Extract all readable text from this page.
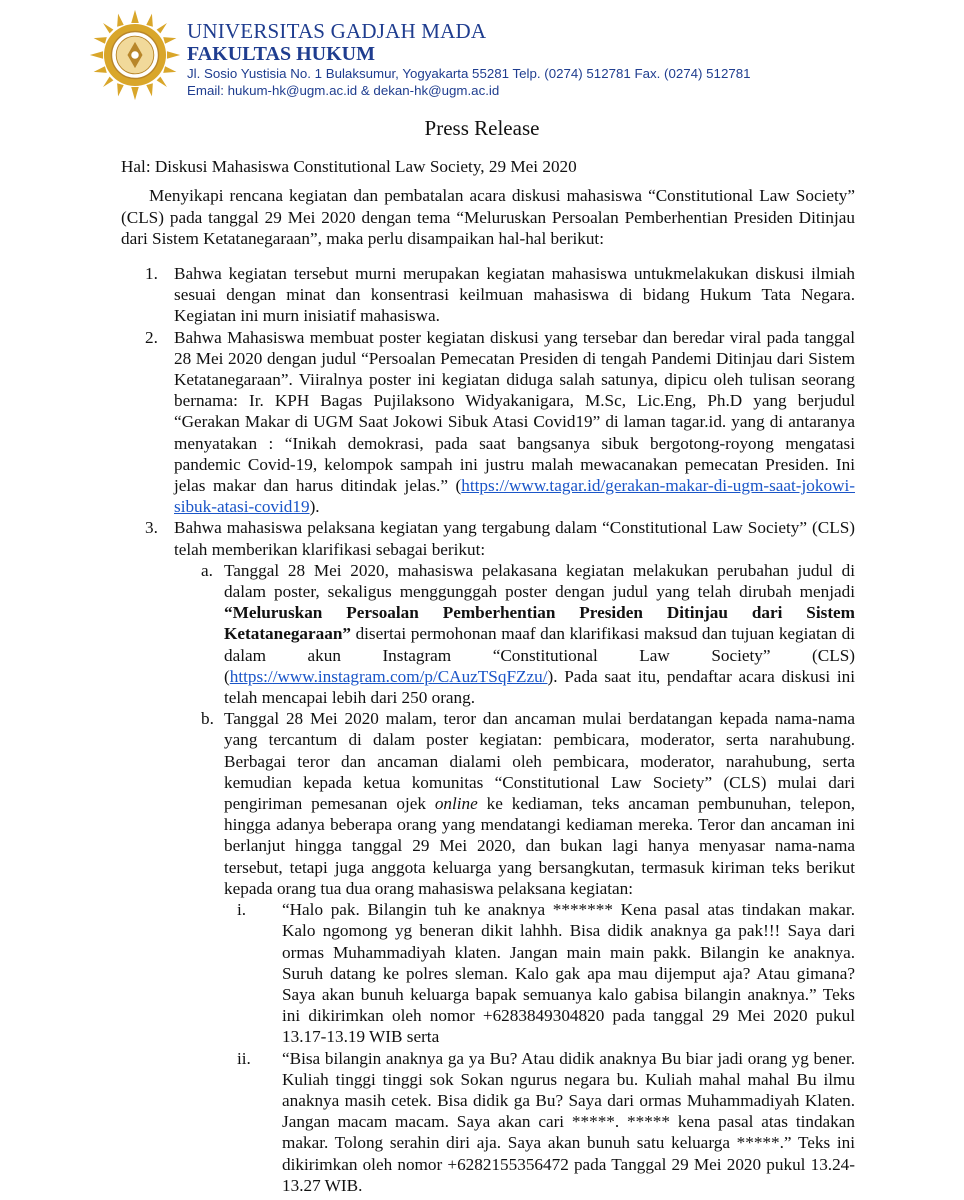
UNIVERSITAS GADJAH MADA
FAKULTAS HUKUM
Jl. Sosio Yustisia No. 1 Bulaksumur, Yogyakarta 55281 Telp. (0274) 512781 Fax. (0274) 512781
Email: hukum-hk@ugm.ac.id & dekan-hk@ugm.ac.id
Press Release
Hal: Diskusi Mahasiswa Constitutional Law Society, 29 Mei 2020
Menyikapi rencana kegiatan dan pembatalan acara diskusi mahasiswa “Constitutional Law Society” (CLS) pada tanggal 29 Mei 2020 dengan tema “Meluruskan Persoalan Pemberhentian Presiden Ditinjau dari Sistem Ketatanegaraan”, maka perlu disampaikan hal-hal berikut:
1. Bahwa kegiatan tersebut murni merupakan kegiatan mahasiswa untukmelakukan diskusi ilmiah sesuai dengan minat dan konsentrasi keilmuan mahasiswa di bidang Hukum Tata Negara. Kegiatan ini murn inisiatif mahasiswa.
2. Bahwa Mahasiswa membuat poster kegiatan diskusi yang tersebar dan beredar viral pada tanggal 28 Mei 2020 dengan judul “Persoalan Pemecatan Presiden di tengah Pandemi Ditinjau dari Sistem Ketatanegaraan”. Viiralnya poster ini kegiatan diduga salah satunya, dipicu oleh tulisan seorang bernama: Ir. KPH Bagas Pujilaksono Widyakanigara, M.Sc, Lic.Eng, Ph.D yang berjudul “Gerakan Makar di UGM Saat Jokowi Sibuk Atasi Covid19” di laman tagar.id. yang di antaranya menyatakan : “Inikah demokrasi, pada saat bangsanya sibuk bergotong-royong mengatasi pandemic Covid-19, kelompok sampah ini justru malah mewacanakan pemecatan Presiden. Ini jelas makar dan harus ditindak jelas.” (https://www.tagar.id/gerakan-makar-di-ugm-saat-jokowi-sibuk-atasi-covid19).
3. Bahwa mahasiswa pelaksana kegiatan yang tergabung dalam “Constitutional Law Society” (CLS) telah memberikan klarifikasi sebagai berikut:
a. Tanggal 28 Mei 2020, mahasiswa pelakasana kegiatan melakukan perubahan judul di dalam poster, sekaligus menggunggah poster dengan judul yang telah dirubah menjadi “Meluruskan Persoalan Pemberhentian Presiden Ditinjau dari Sistem Ketatanegaraan” disertai permohonan maaf dan klarifikasi maksud dan tujuan kegiatan di dalam akun Instagram “Constitutional Law Society” (CLS) (https://www.instagram.com/p/CAuzTSqFZzu/). Pada saat itu, pendaftar acara diskusi ini telah mencapai lebih dari 250 orang.
b. Tanggal 28 Mei 2020 malam, teror dan ancaman mulai berdatangan kepada nama-nama yang tercantum di dalam poster kegiatan: pembicara, moderator, serta narahubung. Berbagai teror dan ancaman dialami oleh pembicara, moderator, narahubung, serta kemudian kepada ketua komunitas “Constitutional Law Society” (CLS) mulai dari pengiriman pemesanan ojek online ke kediaman, teks ancaman pembunuhan, telepon, hingga adanya beberapa orang yang mendatangi kediaman mereka. Teror dan ancaman ini berlanjut hingga tanggal 29 Mei 2020, dan bukan lagi hanya menyasar nama-nama tersebut, tetapi juga anggota keluarga yang bersangkutan, termasuk kiriman teks berikut kepada orang tua dua orang mahasiswa pelaksana kegiatan:
i. “Halo pak. Bilangin tuh ke anaknya ******* Kena pasal atas tindakan makar. Kalo ngomong yg beneran dikit lahhh. Bisa didik anaknya ga pak!!! Saya dari ormas Muhammadiyah klaten. Jangan main main pakk. Bilangin ke anaknya. Suruh datang ke polres sleman. Kalo gak apa mau dijemput aja? Atau gimana? Saya akan bunuh keluarga bapak semuanya kalo gabisa bilangin anaknya.” Teks ini dikirimkan oleh nomor +6283849304820 pada tanggal 29 Mei 2020 pukul 13.17-13.19 WIB serta
ii. “Bisa bilangin anaknya ga ya Bu? Atau didik anaknya Bu biar jadi orang yg bener. Kuliah tinggi tinggi sok Sokan ngurus negara bu. Kuliah mahal mahal Bu ilmu anaknya masih cetek. Bisa didik ga Bu? Saya dari ormas Muhammadiyah Klaten. Jangan macam macam. Saya akan cari *****. ***** kena pasal atas tindakan makar. Tolong serahin diri aja. Saya akan bunuh satu keluarga *****.” Teks ini dikirimkan oleh nomor +6282155356472 pada Tanggal 29 Mei 2020 pukul 13.24-13.27 WIB.
